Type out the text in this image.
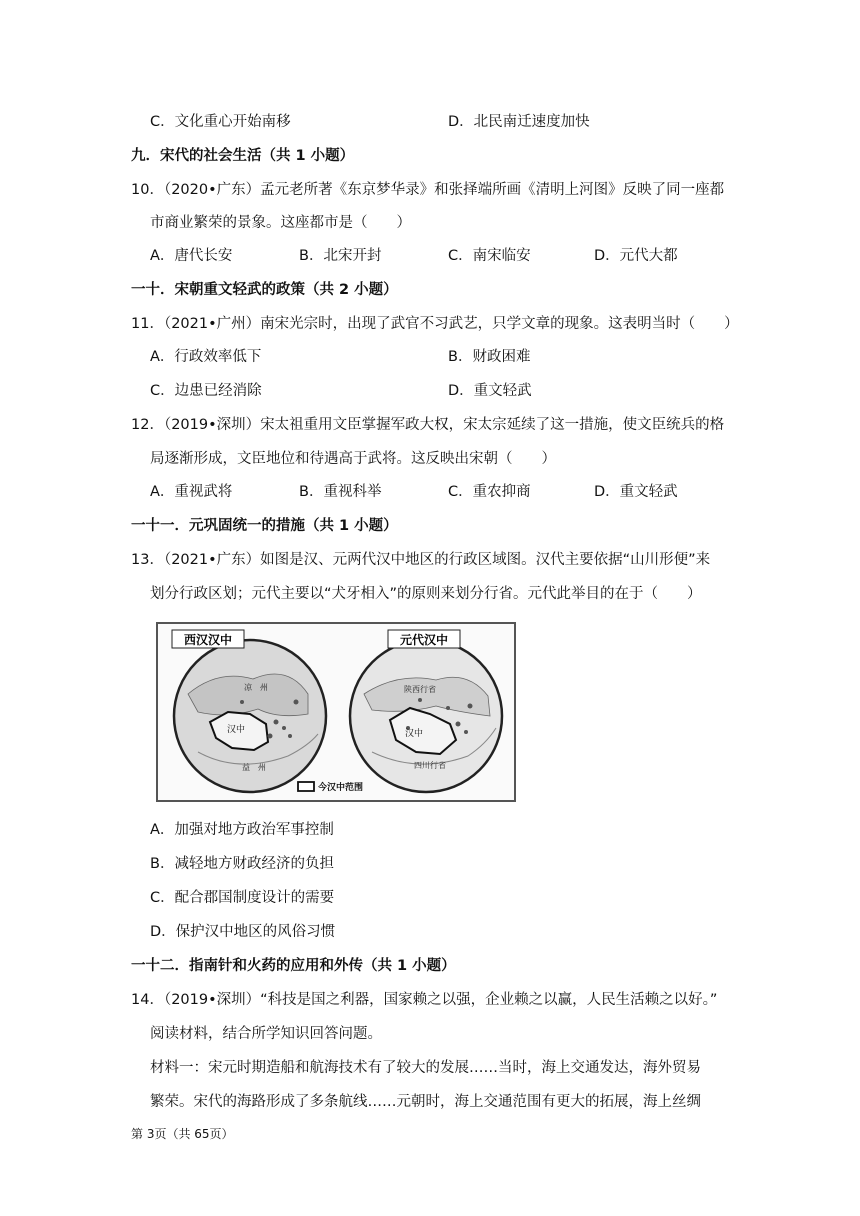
C．文化重心开始南移	D．北民南迁速度加快
九．宋代的社会生活（共 1 小题）
10．（2020•广东）孟元老所著《东京梦华录》和张择端所画《清明上河图》反映了同一座都
市商业繁荣的景象。这座都市是（　　）
A．唐代长安	B．北宋开封	C．南宋临安	D．元代大都
一十．宋朝重文轻武的政策（共 2 小题）
11．（2021•广州）南宋光宗时，出现了武官不习武艺，只学文章的现象。这表明当时（　　）
A．行政效率低下	B．财政困难
C．边患已经消除	D．重文轻武
12．（2019•深圳）宋太祖重用文臣掌握军政大权，宋太宗延续了这一措施，使文臣统兵的格
局逐渐形成，文臣地位和待遇高于武将。这反映出宋朝（　　）
A．重视武将	B．重视科举	C．重农抑商	D．重文轻武
一十一．元巩固统一的措施（共 1 小题）
13．（2021•广东）如图是汉、元两代汉中地区的行政区域图。汉代主要依据“山川形便”来
划分行政区划；元代主要以“犬牙相入”的原则来划分行省。元代此举目的在于（　　）
西汉汉中
凉　州
汉中
益　州
元代汉中
陕西行省
汉中
四川行省
今汉中范围
A．加强对地方政治军事控制
B．减轻地方财政经济的负担
C．配合郡国制度设计的需要
D．保护汉中地区的风俗习惯
一十二．指南针和火药的应用和外传（共 1 小题）
14．（2019•深圳）“科技是国之利器，国家赖之以强，企业赖之以赢，人民生活赖之以好。”
阅读材料，结合所学知识回答问题。
材料一：宋元时期造船和航海技术有了较大的发展……当时，海上交通发达，海外贸易
繁荣。宋代的海路形成了多条航线……元朝时，海上交通范围有更大的拓展，海上丝绸
第 3页（共 65页）
